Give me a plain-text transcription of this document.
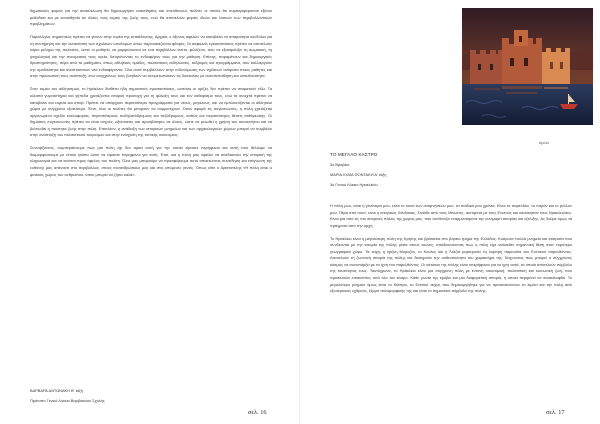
δημοτικούς φορείς για την ανακύκλωση θα δημιουργήσει ευαισθησίες και υπεύθυνους πολίτες οι οποίοι θα συμπεριφέρονται εξίσου μεθοδικά και με ευαισθησία σε όλους τους τομείς της ζωής τους, ενώ θα αποτελούν φορείς ιδεών και λύσεων των περιβαλλοντικών προβλημάτων.

Παράλληλα, σημαντικός πρέπει να γίνουν στην τομέα της εκπαίδευσης. Αρχικά, ο άξονας αφελών να καταβάλει τα απαραίτητα κονδύλια για τη συντήρηση και την ανακαίνιση των σχολικών υποδομών όπου παρουσιάζονται φθορές. Οι ασφαλείς εγκαταστάσεις πρέπει να αποτελούν κύριο μέλημα της πολιτείας, ώστε οι μαθητές να μορφώνονται σε ένα περιβάλλον άνετο, φιλόξενο, που να εξασφαλίζει τη σωματική, τη ψυχολογική και την πνευματική τους υγεία, διευρύνοντας το ενδιαφέρον τους για την μάθηση. Επίσης, παραμένουν και δημιουργικές δραστηριότητες, πέρα από τα μαθήματα, όπως αθλητικές ομάδες, πολιτιστικές εκδηλώσεις, εκδρομές και προγράμματα, που καλλιεργούν την ομαδικότητα και αναπτύσσουν νέα ενδιαφέροντα. Όλα αυτά συμβάλλουν στην ενδυνάμωση των σχέσεων ανάμεσα στους μαθητές και στην προσωπική τους ανάπτυξη, ενώ συγχρόνως τους βοηθούν να αντιμετωπίσουν τις δυσκολίες με αυτοπεποίθηση και υπευθυνότητα.

Στον τομέα του αθλητισμού, το Ηράκλειο διαθέτει ήδη σημαντικές εγκαταστάσεις, ωστόσο οι ορίζες δεν πρέπει να σταματούν εδώ. Τα κλειστά γυμναστήρια και γήπεδα χρειάζονται επαρκή προσοχή για τη φύλαξη τους και τον καθαρισμό τους, ενώ τα ανοιχτά πρέπει να καταβάλει και ευρεία και σπορ. Πρέπει να υπάρχουν περισσότερα προγράμματα για νέους, μεγάλους, και να εμπλουτίζονται οι αθλητικοί χώροι με σύγχρονο εξοπλισμό. Έτσι, όλοι οι πολίτες θα μπορούν να συμμετέχουν. Όσον αφορά τις συγκοινωνίες, η πόλη χρειάζεται οργανωμένο σχέδιο κυκλοφορίας, περισσότερους ποδηλατόδρομους και πεζόδρομους, καθώς και περισσότερες θέσεις στάθμευσης. Οι δημόσιες συγκοινωνίες πρέπει να είναι συχνές, αξιόπιστες και προσβάσιμες σε όλους, ώστε να μειωθεί η χρήση του αυτοκινήτου και να βελτιωθεί η ποιότητα ζωής στην πόλη. Επιπλέον, η ανάδειξη των ιστορικών μνημείων και των αρχαιολογικών χώρων μπορεί να συμβάλει στην ανάπτυξη του πολιτιστικού τουρισμού και στην ενίσχυση της τοπικής οικονομίας.

Συνοψίζοντας, συμπεραίνουμε πως μία πόλη όχι δεν αρκεί αυτή για την οποία είμαστε περήφανοι και αυτή που θέλουμε να διαμορφώσουμε με τέτοιο τρόπο ώστε να είμαστε περήφανοι για αυτή. Έτσι, και η πόλη μας οφείλει να αναδεικνύει την ιστορική της κληρονομιά και να κινείται προς όφελος του πολίτη. Όλοι μας μπορούμε να προσφέρουμε αυτό αποκτώντας συνείδηση και επίγνωση της ευθύνης μας απέναντι στο περιβάλλον, στους συνανθρώπους μας και στις επόμενες γενιές. Όπως είπε ο Αριστοτέλης «Η πόλη είναι ο φυσικός χώρος του ανθρώπου, όπου μπορεί να ζήσει καλά».

ΒΑΡΒΑΡΑ ΑΝΤΩΝΑΚΗ Β' τάξη
Πρότυπο Γενικό Λύκειο Βαρβακείου Σχολής
σελ. 16
Αμύλο
ΤΟ ΜΕΓΑΛΟ ΚΑΣΤΡΟ
3ο Βραβείο
ΜΑΡΙΑ ΛΥΔΙΑ ΦΟΝΤΑΚΗ Α' τάξη
3ο Γενικό Λύκειο Ηρακλείου

Η πόλη μου, είναι η γενέτειρά μου, είναι το κουτί των αναμνήσεών μου, τα παιδικά μου χρόνια. Είναι το παρελθόν, το παρόν και το μέλλον μου. Πέρα από αυτό, είναι η ιστορικός Χάνδακας, Σινιάδε από τους Μινωίτες, αυτόματα με τους Ενετούς και κατοίκησαν τους Ηρακλειώτες. Είναι μία από τις πιο ιστορικές πόλεις της χώρας μας, που συνδυάζει εναρμονισμένα την ουνιμαρτί ιστορίας και εξέλιξης. Ας δούμε όμως τα πράγματα από την αρχή.

Το Ηράκλειο είναι η μεγαλύτερη πόλη της Κρήτης και βρίσκεται στο βόρειο τμήμα της Ελλάδας. Κοσμούν πολλά μνημεία και κτίσματα που συνδέονται με την ιστορία της πόλης μέσα στους αιώνες, αποδεικνύοντας πως η πόλη είχε ανέκαθεν σημαντική θέση στον ευρύτερο γεωγραφικό χώρο. Τα τείχη, η κρήνη Μοροζίνι, το Κούλες και η Λότζια μαρτυρούν τη λαμπρή παρουσία του Ενετικού παρελθόντος. Αποτελούν τη ζωντανή ιστορία της πόλης και διατηρούν την αυθεντικότητα του χαρακτήρα της, δείχνοντας πώς μπορεί ο σύγχρονος κόσμος να συνυπάρξει με τα ίχνη του παρελθόντος. Οι κάτοικοι της πόλης είναι υπερήφανοι για τα ίχνη αυτά, τα οποία αποτελούν σύμβολο της ταυτότητας τους. Ταυτόχρονα, το Ηράκλειο είναι μια σύγχρονη πόλη με έντονη οικονομική, πολιτιστική και κοινωνική ζωή, που προσελκύει επισκέπτες από όλο τον κόσμο. Κάθε γωνιά της κρύβει και μια διαφορετική ιστορία, η οποία περιμένει να ανακαλυφθεί. Το μεγαλύτερο μνημείο όμως είναι το Κάστρο, το Ενετικό τείχος που δημιουργήθηκε για να προστατεύσουν το λιμάνι και την πόλη από εξωτερικούς εχθρούς, ξέρμα πολυμορφικής της και είναι το σημαντικό σύμβολο της πόλης.

σελ. 17
